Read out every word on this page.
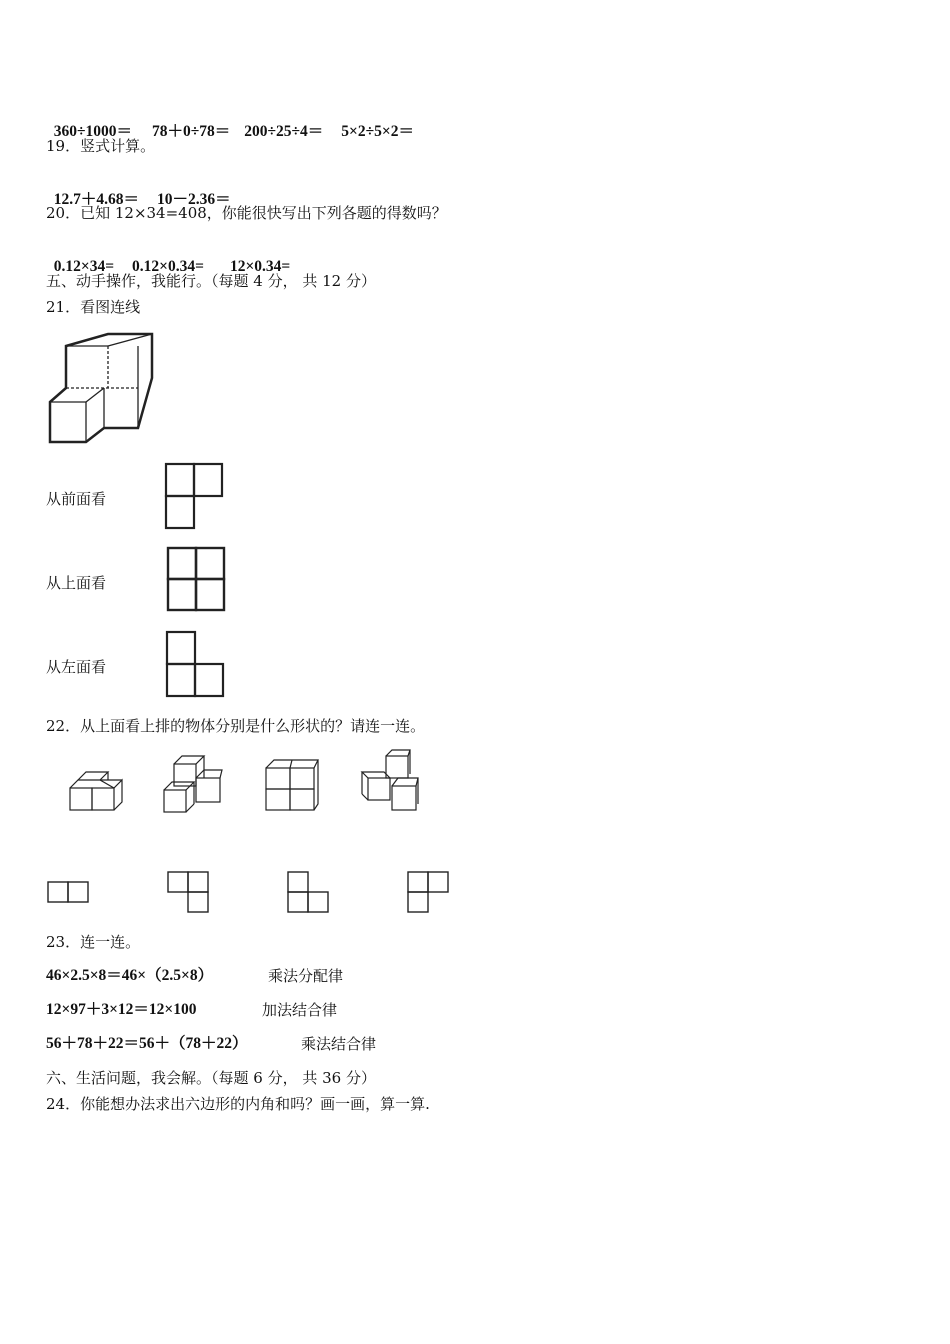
360÷1000＝ 78＋0÷78＝ 200÷25÷4＝ 5×2÷5×2＝

19．竖式计算。

12.7＋4.68＝ 10－2.36＝

20．已知 12×34=408，你能很快写出下列各题的得数吗？

0.12×34= 0.12×0.34= 12×0.34=

五、动手操作，我能行。（每题 4 分， 共 12 分）
21．看图连线
从前面看
从上面看
从左面看
22．从上面看上排的物体分别是什么形状的？请连一连。
23．连一连。
46×2.5×8＝46×（2.5×8）	乘法分配律
12×97＋3×12＝12×100	加法结合律
56＋78＋22＝56＋（78＋22）	乘法结合律
六、生活问题，我会解。（每题 6 分， 共 36 分）
24．你能想办法求出六边形的内角和吗？画一画，算一算.
